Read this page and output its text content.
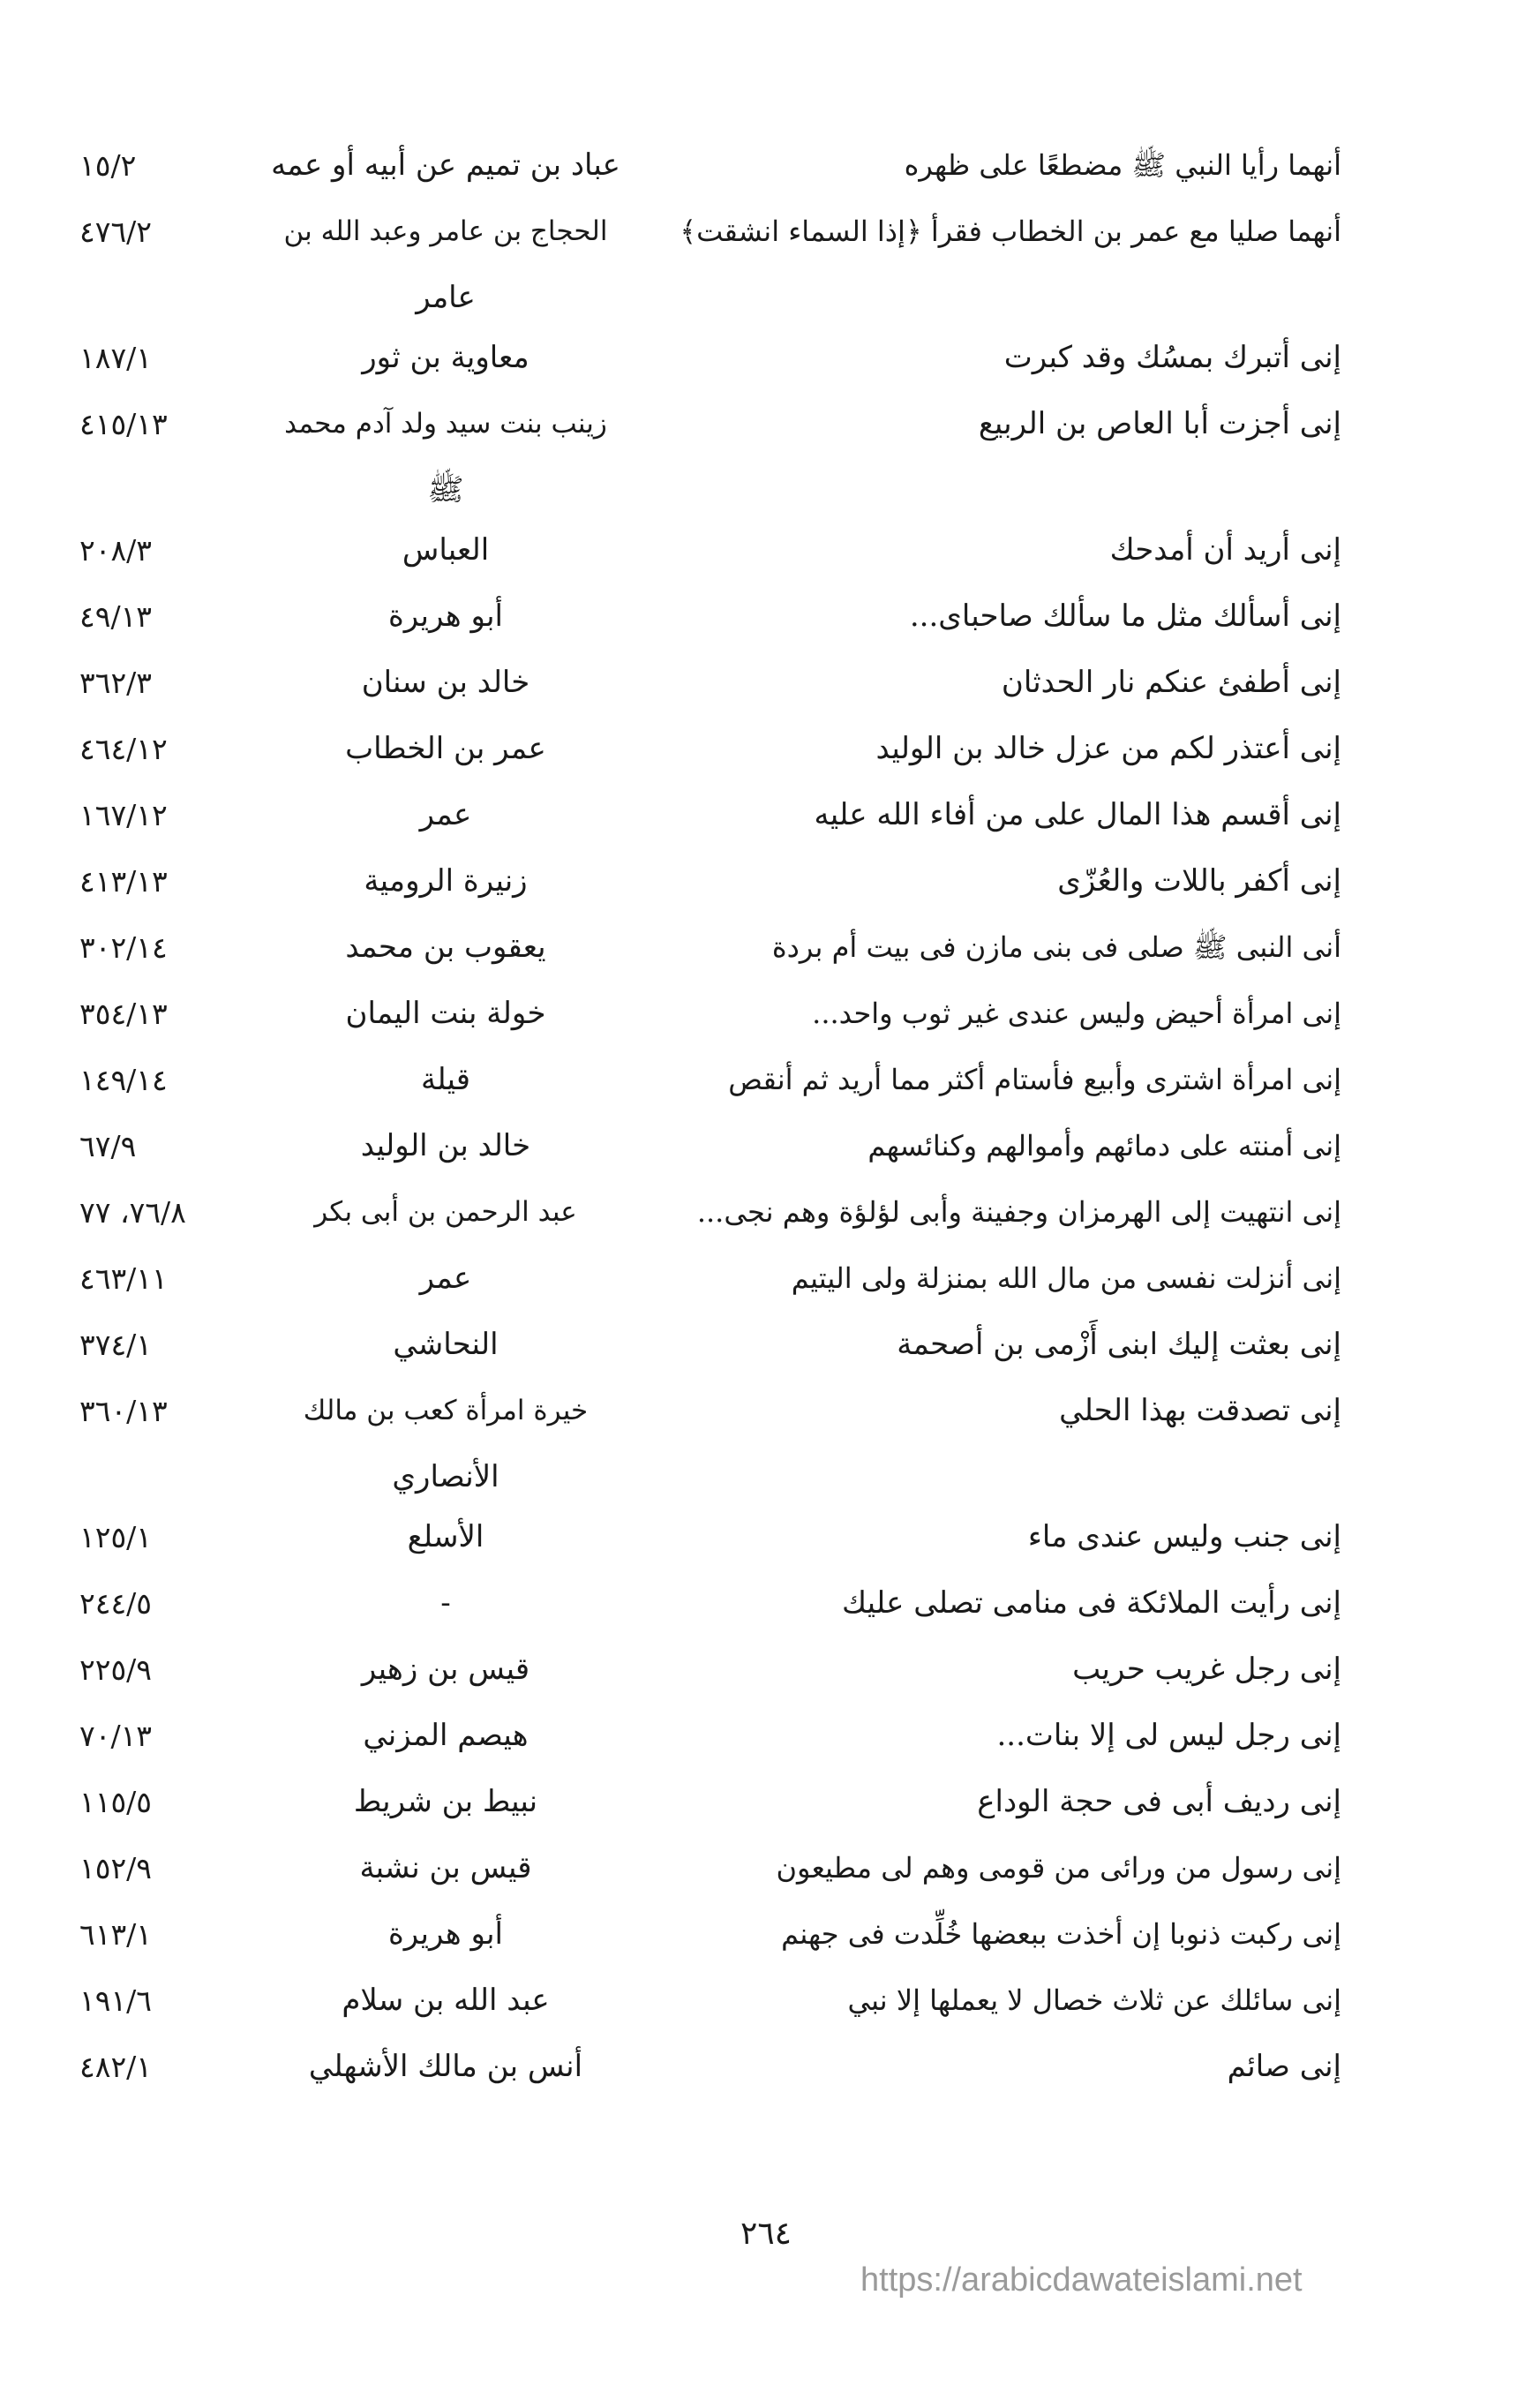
أنهما رأيا النبي ﷺ مضطعًا على ظهره
عباد بن تميم عن أبيه أو عمه
١٥/٢
أنهما صليا مع عمر بن الخطاب فقرأ ﴿إذا السماء انشقت﴾
الحجاج بن عامر وعبد الله بن
٤٧٦/٢
عامر
إنى أتبرك بمسُك وقد كبرت
معاوية بن ثور
١٨٧/١
إنى أجزت أبا العاص بن الربيع
زينب بنت سيد ولد آدم محمد
٤١٥/١٣
ﷺ
إنى أريد أن أمدحك
العباس
٢٠٨/٣
إنى أسألك مثل ما سألك صاحباى...
أبو هريرة
٤٩/١٣
إنى أطفئ عنكم نار الحدثان
خالد بن سنان
٣٦٢/٣
إنى أعتذر لكم من عزل خالد بن الوليد
عمر بن الخطاب
٤٦٤/١٢
إنى أقسم هذا المال على من أفاء الله عليه
عمر
١٦٧/١٢
إنى أكفر باللات والعُزّى
زنيرة الرومية
٤١٣/١٣
أنى النبى ﷺ صلى فى بنى مازن فى بيت أم بردة
يعقوب بن محمد
٣٠٢/١٤
إنى امرأة أحيض وليس عندى غير ثوب واحد...
خولة بنت اليمان
٣٥٤/١٣
إنى امرأة اشترى وأبيع فأستام أكثر مما أريد ثم أنقص
قيلة
١٤٩/١٤
إنى أمنته على دمائهم وأموالهم وكنائسهم
خالد بن الوليد
٦٧/٩
إنى انتهيت إلى الهرمزان وجفينة وأبى لؤلؤة وهم نجى...
عبد الرحمن بن أبى بكر
٧٦/٨، ٧٧
إنى أنزلت نفسى من مال الله بمنزلة ولى اليتيم
عمر
٤٦٣/١١
إنى بعثت إليك ابنى أَزْمى بن أصحمة
النحاشي
٣٧٤/١
إنى تصدقت بهذا الحلي
خيرة امرأة كعب بن مالك
٣٦٠/١٣
الأنصاري
إنى جنب وليس عندى ماء
الأسلع
١٢٥/١
إنى رأيت الملائكة فى منامى تصلى عليك
-
٢٤٤/٥
إنى رجل غريب حريب
قيس بن زهير
٢٢٥/٩
إنى رجل ليس لى إلا بنات...
هيصم المزني
٧٠/١٣
إنى رديف أبى فى حجة الوداع
نبيط بن شريط
١١٥/٥
إنى رسول من ورائى من قومى وهم لى مطيعون
قيس بن نشبة
١٥٢/٩
إنى ركبت ذنوبا إن أخذت ببعضها خُلِّدت فى جهنم
أبو هريرة
٦١٣/١
إنى سائلك عن ثلاث خصال لا يعملها إلا نبي
عبد الله بن سلام
١٩١/٦
إنى صائم
أنس بن مالك الأشهلي
٤٨٢/١
٢٦٤
https://arabicdawateislami.net
